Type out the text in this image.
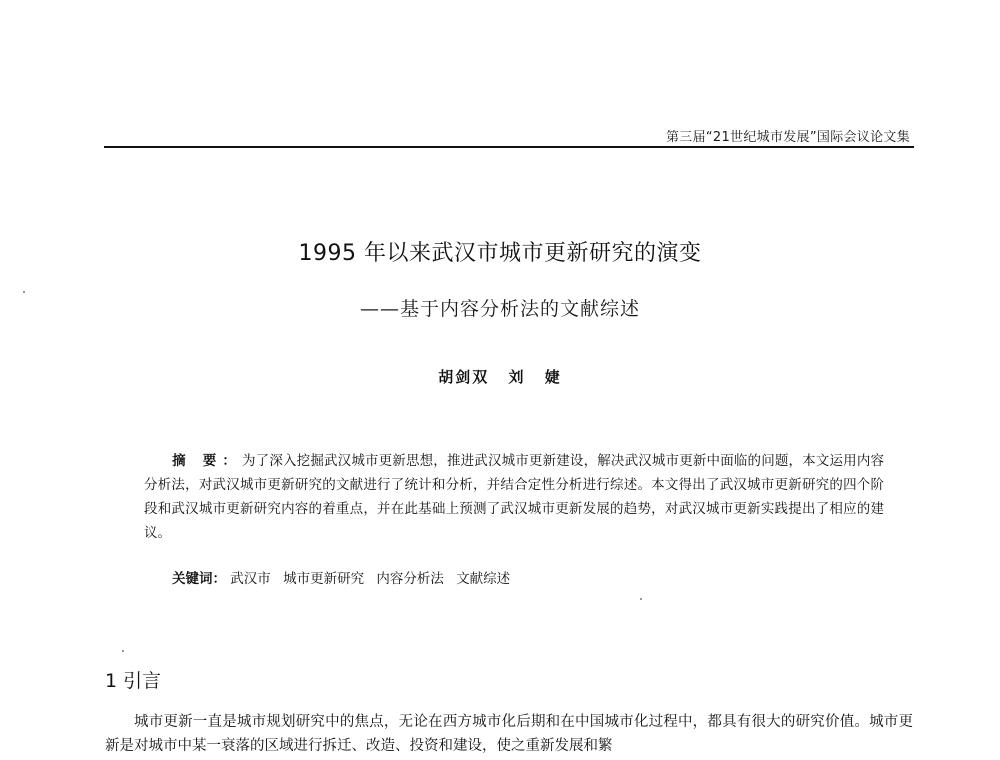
第三届“21世纪城市发展”国际会议论文集
1995 年以来武汉市城市更新研究的演变
——基于内容分析法的文献综述
胡剑双 刘 婕
摘 要：为了深入挖掘武汉城市更新思想，推进武汉城市更新建设，解决武汉城市更新中面临的问题，本文运用内容分析法，对武汉城市更新研究的文献进行了统计和分析，并结合定性分析进行综述。本文得出了武汉城市更新研究的四个阶段和武汉城市更新研究内容的着重点，并在此基础上预测了武汉城市更新发展的趋势，对武汉城市更新实践提出了相应的建议。
关键词： 武汉市 城市更新研究 内容分析法 文献综述
1 引言
城市更新一直是城市规划研究中的焦点，无论在西方城市化后期和在中国城市化过程中，都具有很大的研究价值。城市更新是对城市中某一衰落的区域进行拆迁、改造、投资和建设，使之重新发展和繁
